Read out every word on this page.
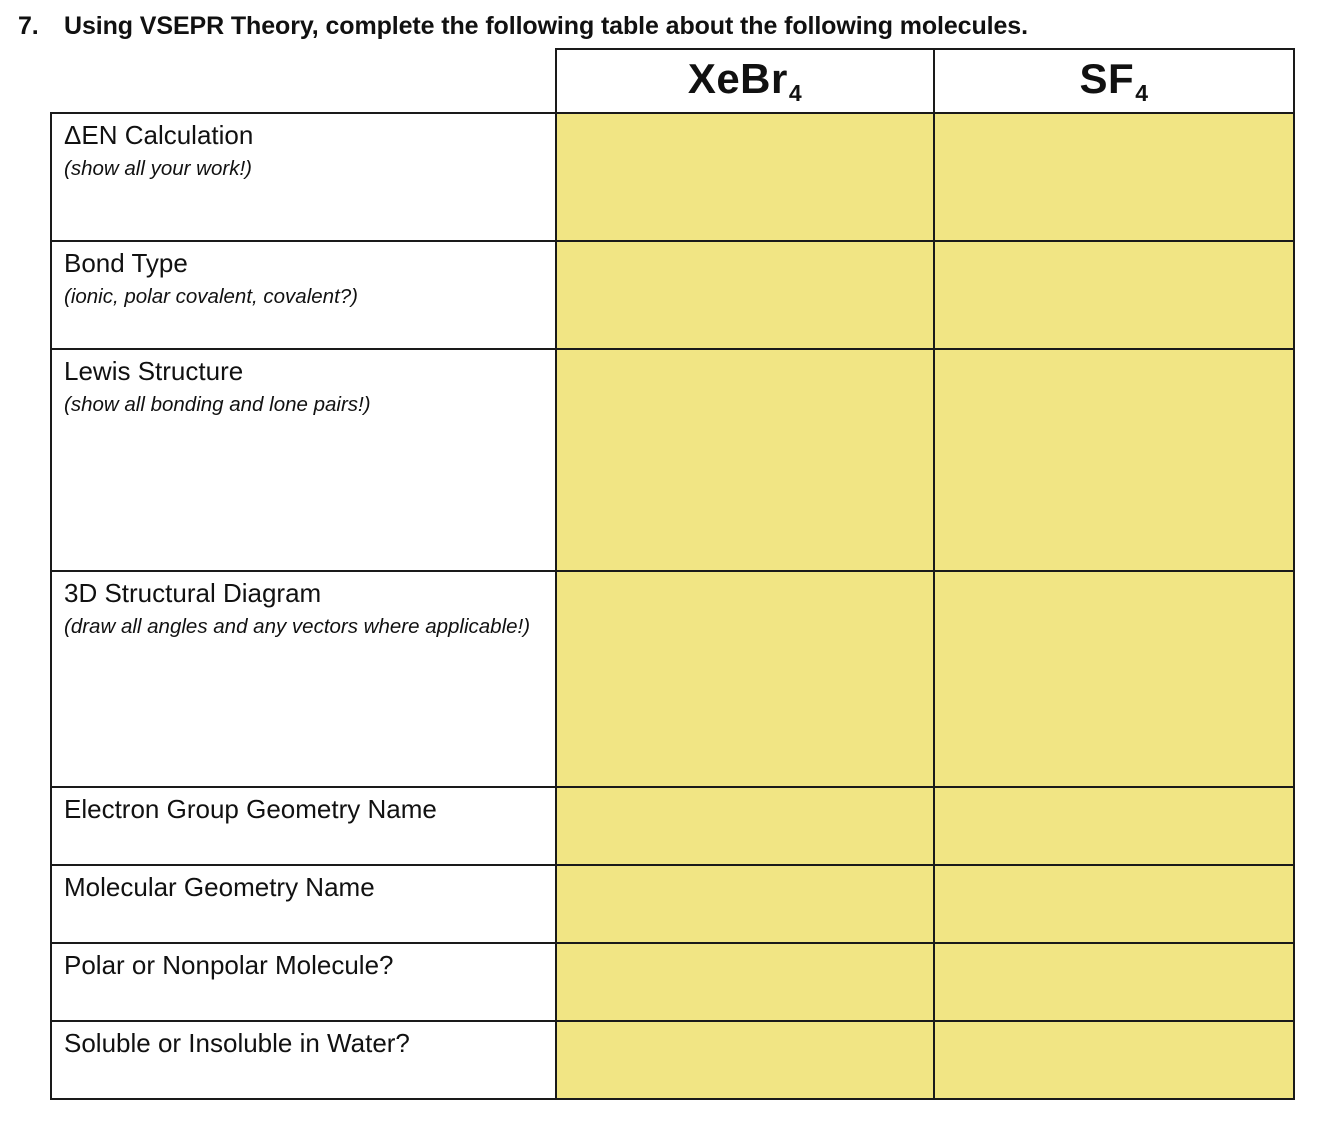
7. Using VSEPR Theory, complete the following table about the following molecules.
	XeBr$_4$	$SF_4$

ΔEN Calculation
(show all your work!)		

Bond Type
(ionic, polar covalent, covalent?)		

Lewis Structure
(show all bonding and lone pairs!)		

3D Structural Diagram
(draw all angles and any vectors where applicable!)		

Electron Group Geometry Name		

Molecular Geometry Name		

Polar or Nonpolar Molecule?		

Soluble or Insoluble in Water?		
